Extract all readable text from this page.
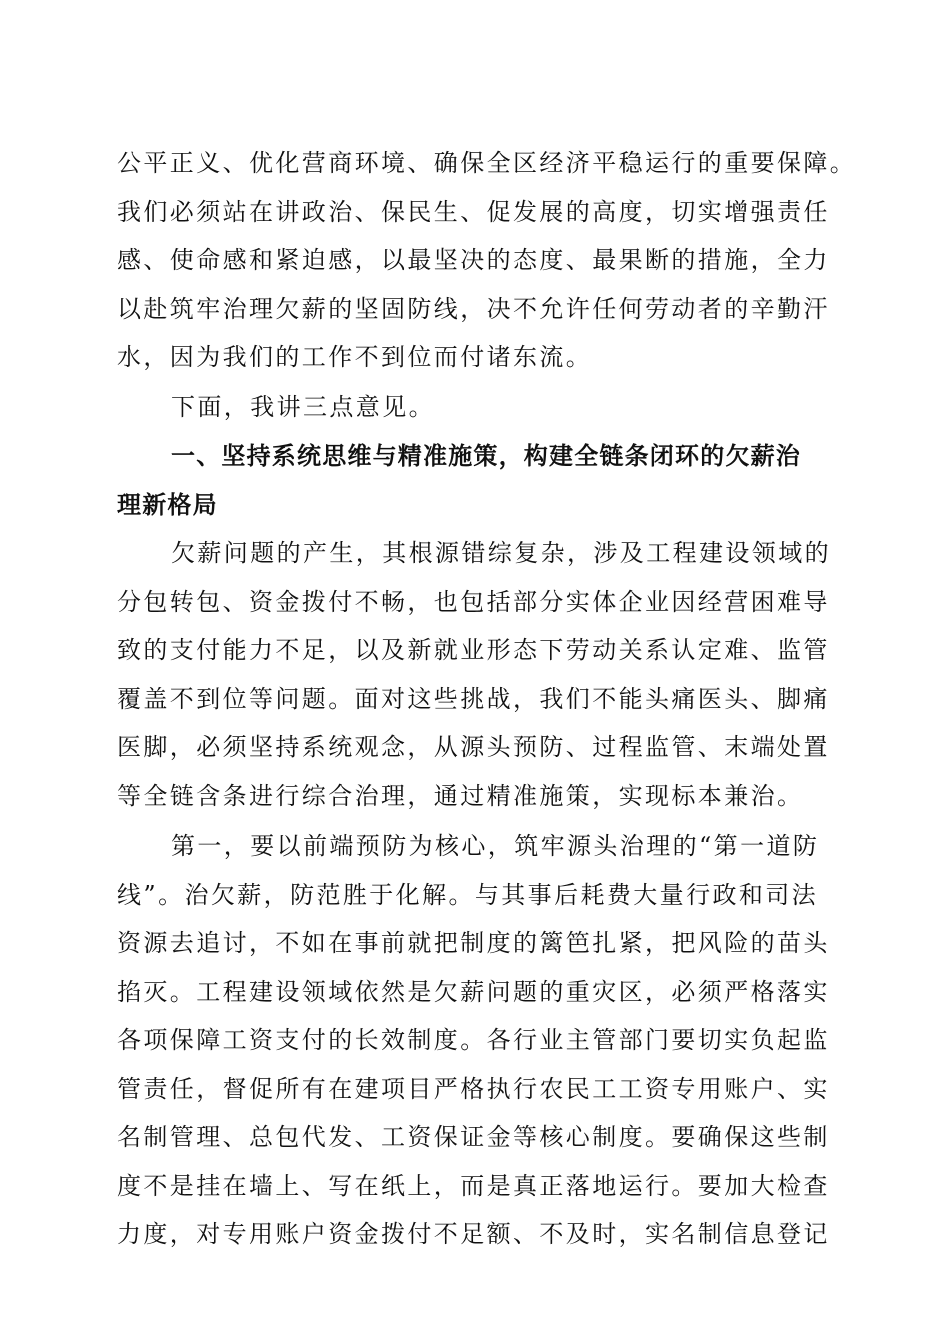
公平正义、优化营商环境、确保全区经济平稳运行的重要保障。
我们必须站在讲政治、保民生、促发展的高度，切实增强责任
感、使命感和紧迫感，以最坚决的态度、最果断的措施，全力
以赴筑牢治理欠薪的坚固防线，决不允许任何劳动者的辛勤汗
水，因为我们的工作不到位而付诸东流。
下面，我讲三点意见。
一、坚持系统思维与精准施策，构建全链条闭环的欠薪治
理新格局
欠薪问题的产生，其根源错综复杂，涉及工程建设领域的
分包转包、资金拨付不畅，也包括部分实体企业因经营困难导
致的支付能力不足，以及新就业形态下劳动关系认定难、监管
覆盖不到位等问题。面对这些挑战，我们不能头痛医头、脚痛
医脚，必须坚持系统观念，从源头预防、过程监管、末端处置
等全链含条进行综合治理，通过精准施策，实现标本兼治。
第一，要以前端预防为核心，筑牢源头治理的“第一道防
线”。治欠薪，防范胜于化解。与其事后耗费大量行政和司法
资源去追讨，不如在事前就把制度的篱笆扎紧，把风险的苗头
掐灭。工程建设领域依然是欠薪问题的重灾区，必须严格落实
各项保障工资支付的长效制度。各行业主管部门要切实负起监
管责任，督促所有在建项目严格执行农民工工资专用账户、实
名制管理、总包代发、工资保证金等核心制度。要确保这些制
度不是挂在墙上、写在纸上，而是真正落地运行。要加大检查
力度，对专用账户资金拨付不足额、不及时，实名制信息登记
